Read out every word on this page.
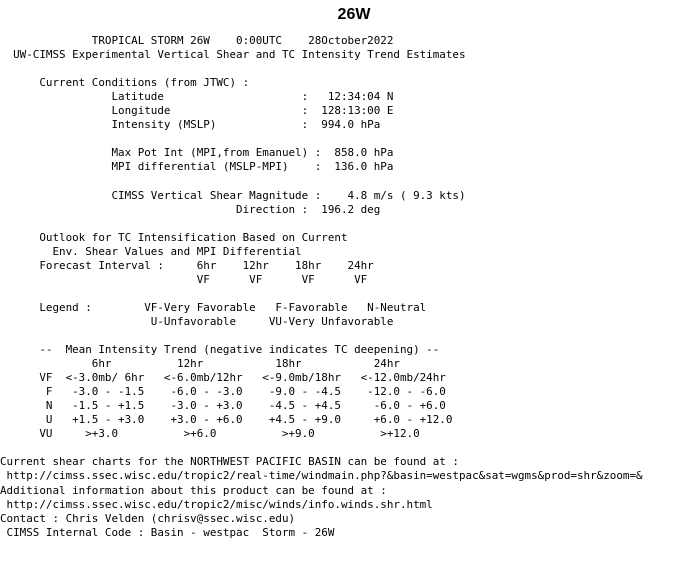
26W
TROPICAL STORM 26W    0:00UTC    28October2022
UW-CIMSS Experimental Vertical Shear and TC Intensity Trend Estimates
Current Conditions (from JTWC) :
Latitude                     :   12:34:04 N
Longitude                    :  128:13:00 E
Intensity (MSLP)             :  994.0 hPa
Max Pot Int (MPI,from Emanuel) :  858.0 hPa
MPI differential (MSLP-MPI)    :  136.0 hPa
CIMSS Vertical Shear Magnitude :    4.8 m/s ( 9.3 kts)
Direction :  196.2 deg
Outlook for TC Intensification Based on Current
Env. Shear Values and MPI Differential
Forecast Interval :     6hr    12hr    18hr    24hr
VF      VF      VF      VF
Legend :        VF-Very Favorable   F-Favorable   N-Neutral
U-Unfavorable     VU-Very Unfavorable
--  Mean Intensity Trend (negative indicates TC deepening) --
6hr          12hr           18hr           24hr
VF  <-3.0mb/ 6hr   <-6.0mb/12hr   <-9.0mb/18hr   <-12.0mb/24hr
F   -3.0 - -1.5    -6.0 - -3.0    -9.0 - -4.5    -12.0 - -6.0
N   -1.5 - +1.5    -3.0 - +3.0    -4.5 - +4.5     -6.0 - +6.0
U   +1.5 - +3.0    +3.0 - +6.0    +4.5 - +9.0     +6.0 - +12.0
VU     >+3.0          >+6.0          >+9.0          >+12.0
Current shear charts for the NORTHWEST PACIFIC BASIN can be found at :
http://cimss.ssec.wisc.edu/tropic2/real-time/windmain.php?&basin=westpac&sat=wgms&prod=shr&zoom=&
Additional information about this product can be found at :
http://cimss.ssec.wisc.edu/tropic2/misc/winds/info.winds.shr.html
Contact : Chris Velden (chrisv@ssec.wisc.edu)
CIMSS Internal Code : Basin - westpac  Storm - 26W
